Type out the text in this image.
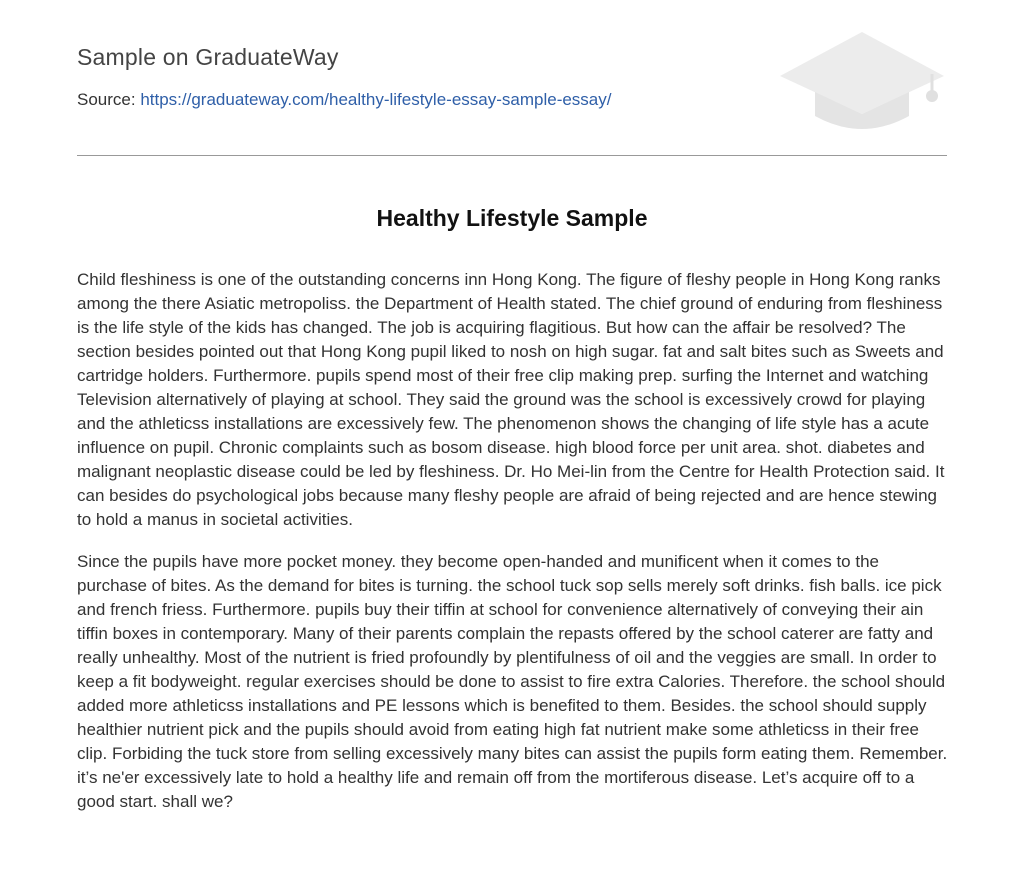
Sample on GraduateWay
Source: https://graduateway.com/healthy-lifestyle-essay-sample-essay/
Healthy Lifestyle Sample

Child fleshiness is one of the outstanding concerns inn Hong Kong. The figure of fleshy people in Hong Kong ranks among the there Asiatic metropoliss. the Department of Health stated. The chief ground of enduring from fleshiness is the life style of the kids has changed. The job is acquiring flagitious. But how can the affair be resolved? The section besides pointed out that Hong Kong pupil liked to nosh on high sugar. fat and salt bites such as Sweets and cartridge holders. Furthermore. pupils spend most of their free clip making prep. surfing the Internet and watching Television alternatively of playing at school. They said the ground was the school is excessively crowd for playing and the athleticss installations are excessively few. The phenomenon shows the changing of life style has a acute influence on pupil. Chronic complaints such as bosom disease. high blood force per unit area. shot. diabetes and malignant neoplastic disease could be led by fleshiness. Dr. Ho Mei-lin from the Centre for Health Protection said. It can besides do psychological jobs because many fleshy people are afraid of being rejected and are hence stewing to hold a manus in societal activities.

Since the pupils have more pocket money. they become open-handed and munificent when it comes to the purchase of bites. As the demand for bites is turning. the school tuck sop sells merely soft drinks. fish balls. ice pick and french friess. Furthermore. pupils buy their tiffin at school for convenience alternatively of conveying their ain tiffin boxes in contemporary. Many of their parents complain the repasts offered by the school caterer are fatty and really unhealthy. Most of the nutrient is fried profoundly by plentifulness of oil and the veggies are small. In order to keep a fit bodyweight. regular exercises should be done to assist to fire extra Calories. Therefore. the school should added more athleticss installations and PE lessons which is benefited to them. Besides. the school should supply healthier nutrient pick and the pupils should avoid from eating high fat nutrient make some athleticss in their free clip. Forbiding the tuck store from selling excessively many bites can assist the pupils form eating them. Remember. it’s ne'er excessively late to hold a healthy life and remain off from the mortiferous disease. Let’s acquire off to a good start. shall we?
